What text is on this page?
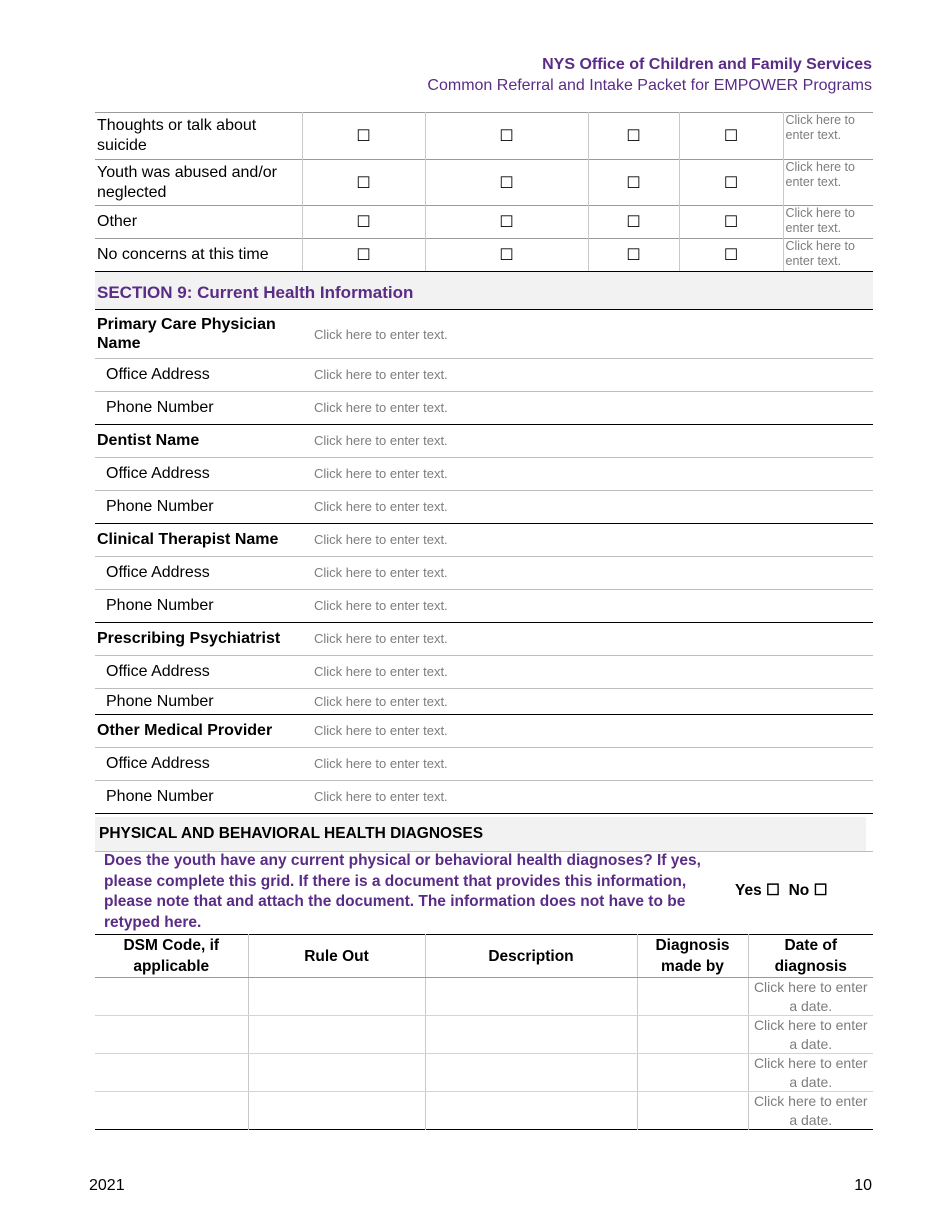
NYS Office of Children and Family Services
Common Referral and Intake Packet for EMPOWER Programs
Thoughts or talk about suicide	☐	☐	☐	☐	Click here to enter text.
Youth was abused and/or neglected	☐	☐	☐	☐	Click here to enter text.
Other	☐	☐	☐	☐	Click here to enter text.
No concerns at this time	☐	☐	☐	☐	Click here to enter text.
SECTION 9: Current Health Information
Primary Care Physician Name	Click here to enter text.
Office Address	Click here to enter text.
Phone Number	Click here to enter text.
Dentist Name	Click here to enter text.
Office Address	Click here to enter text.
Phone Number	Click here to enter text.
Clinical Therapist Name	Click here to enter text.
Office Address	Click here to enter text.
Phone Number	Click here to enter text.
Prescribing Psychiatrist	Click here to enter text.
Office Address	Click here to enter text.
Phone Number	Click here to enter text.
Other Medical Provider	Click here to enter text.
Office Address	Click here to enter text.
Phone Number	Click here to enter text.
PHYSICAL AND BEHAVIORAL HEALTH DIAGNOSES
Does the youth have any current physical or behavioral health diagnoses? If yes, please complete this grid. If there is a document that provides this information, please note that and attach the document. The information does not have to be retyped here.
Yes ☐ No ☐
DSM Code, if applicable	Rule Out	Description	Diagnosis made by	Date of diagnosis
				Click here to enter a date.
				Click here to enter a date.
				Click here to enter a date.
				Click here to enter a date.
2021	10
